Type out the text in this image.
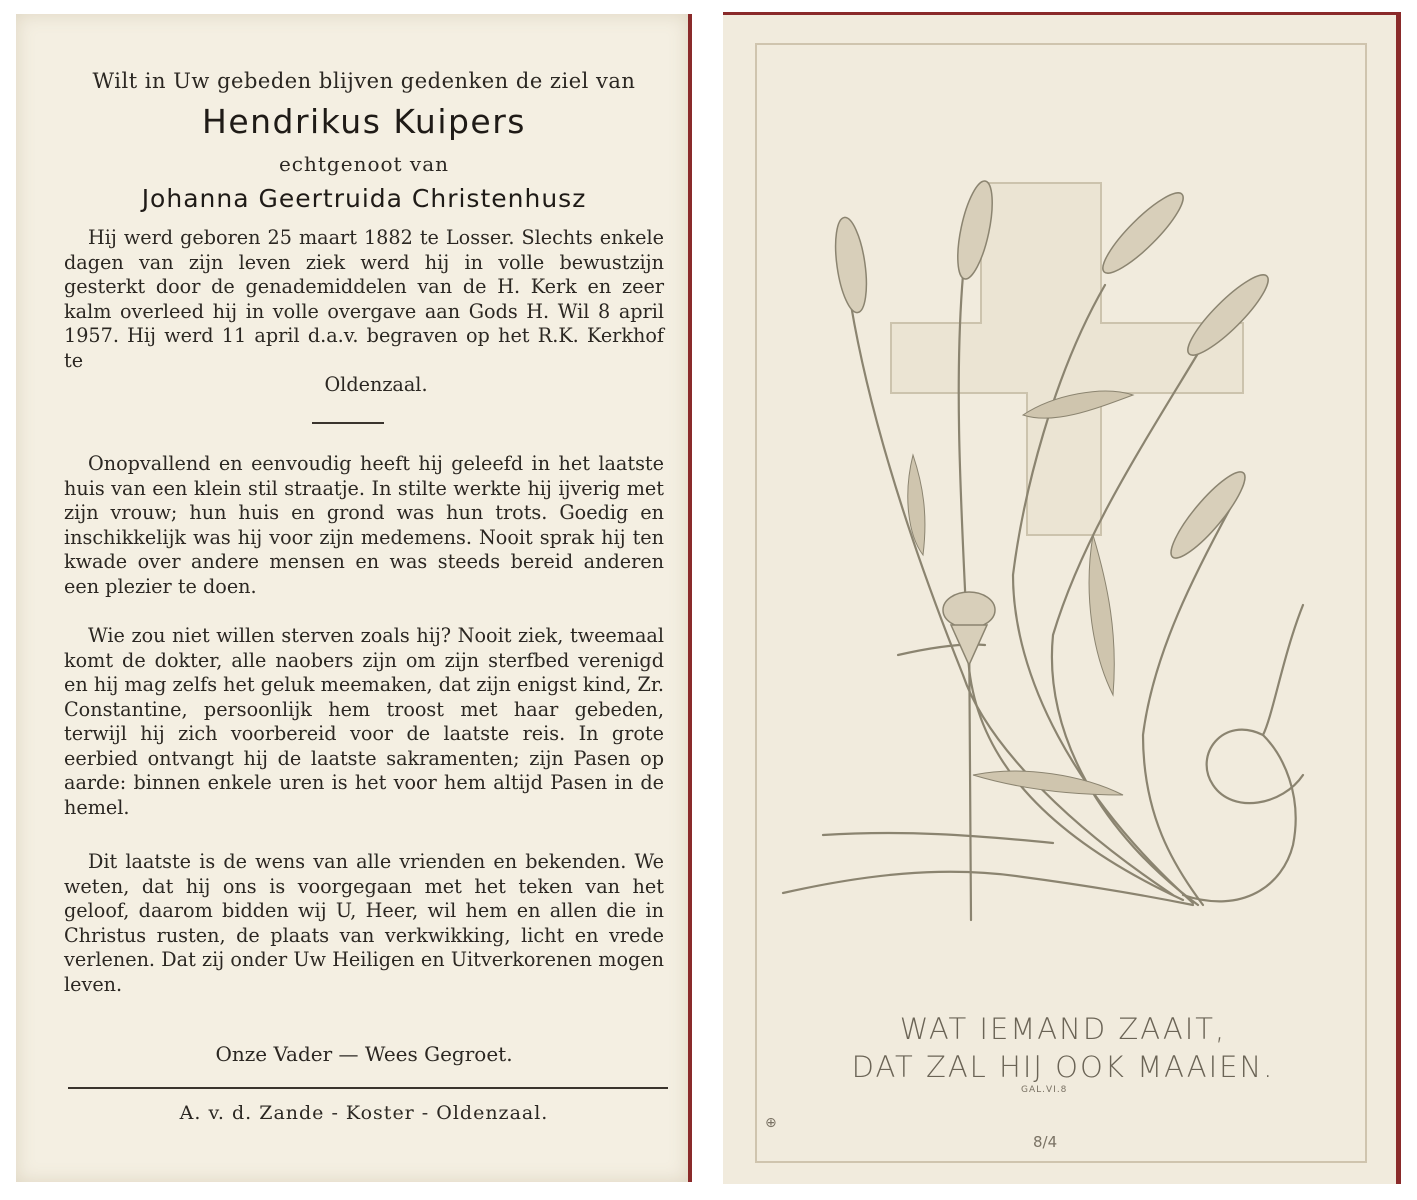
Wilt in Uw gebeden blijven gedenken de ziel van
Hendrikus Kuipers
echtgenoot van
Johanna Geertruida Christenhusz
Hij werd geboren 25 maart 1882 te Losser. Slechts enkele dagen van zijn leven ziek werd hij in volle bewustzijn gesterkt door de genademiddelen van de H. Kerk en zeer kalm overleed hij in volle overgave aan Gods H. Wil 8 april 1957. Hij werd 11 april d.a.v. begraven op het R.K. Kerkhof te
Oldenzaal.
Onopvallend en eenvoudig heeft hij geleefd in het laatste huis van een klein stil straatje. In stilte werkte hij ijverig met zijn vrouw; hun huis en grond was hun trots. Goedig en inschikkelijk was hij voor zijn medemens. Nooit sprak hij ten kwade over andere mensen en was steeds bereid anderen een plezier te doen.
Wie zou niet willen sterven zoals hij? Nooit ziek, tweemaal komt de dokter, alle naobers zijn om zijn sterfbed verenigd en hij mag zelfs het geluk meemaken, dat zijn enigst kind, Zr. Constantine, persoonlijk hem troost met haar gebeden, terwijl hij zich voorbereid voor de laatste reis. In grote eerbied ontvangt hij de laatste sakramenten; zijn Pasen op aarde: binnen enkele uren is het voor hem altijd Pasen in de hemel.
Dit laatste is de wens van alle vrienden en bekenden. We weten, dat hij ons is voorgegaan met het teken van het geloof, daarom bidden wij U, Heer, wil hem en allen die in Christus rusten, de plaats van verkwikking, licht en vrede verlenen. Dat zij onder Uw Heiligen en Uitverkorenen mogen leven.
Onze Vader — Wees Gegroet.
A. v. d. Zande - Koster - Oldenzaal.
WAT IEMAND ZAAIT,
DAT ZAL HIJ OOK MAAIEN.
GAL.VI.8
⊕
8/4
